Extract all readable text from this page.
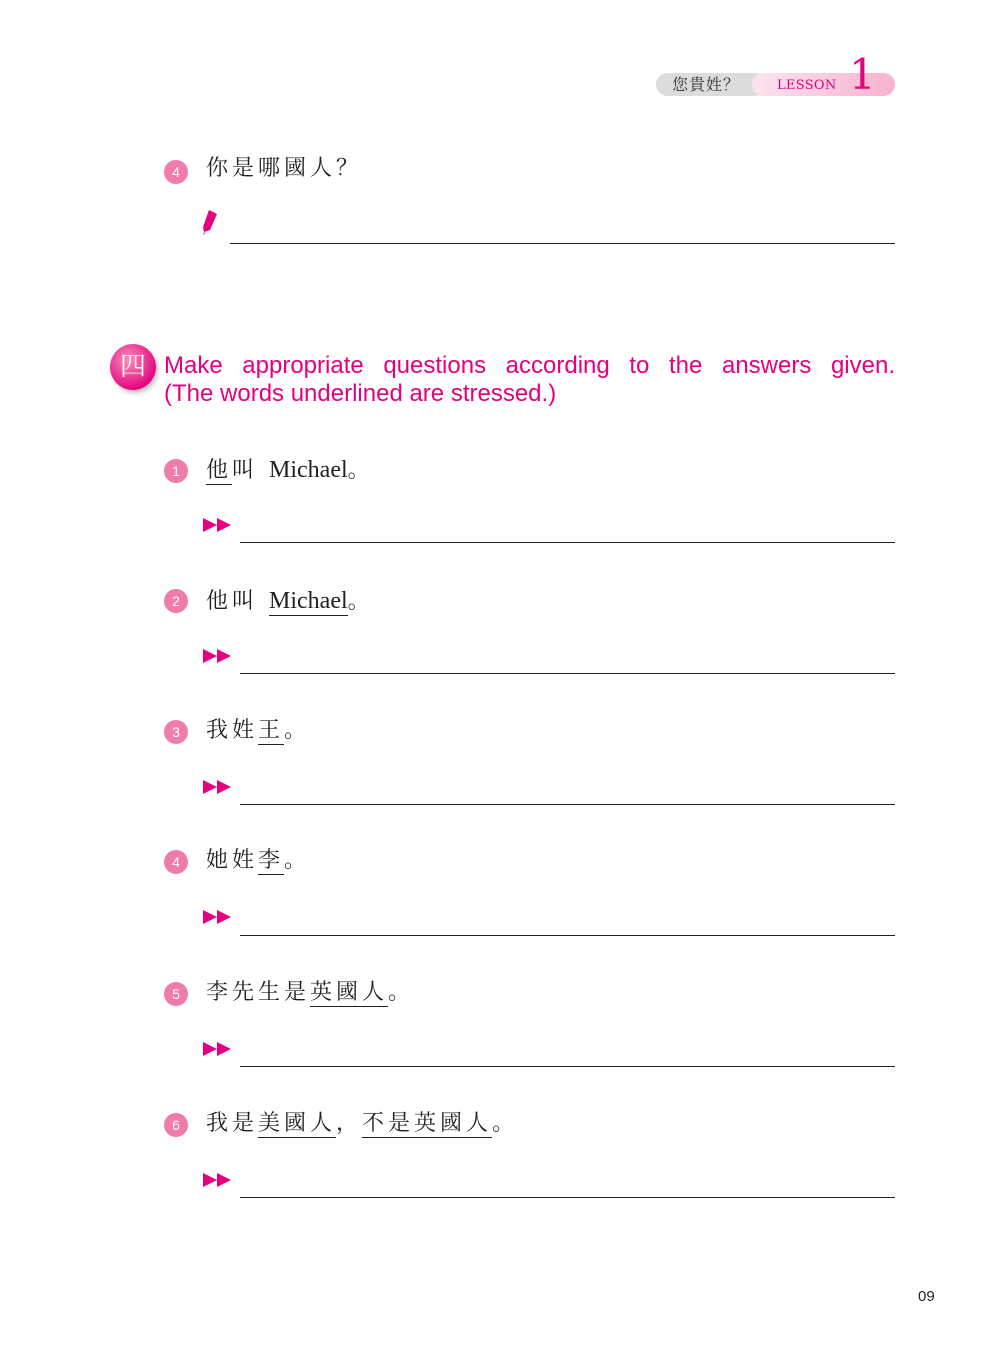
您貴姓？	LESSON 1
4	你是哪國人？
四 Make appropriate questions according to the answers given.
(The words underlined are stressed.)
1	他叫 Michael。
2	他叫 Michael。
3	我姓王。
4	她姓李。
5	李先生是英國人。
6	我是美國人，不是英國人。
09
